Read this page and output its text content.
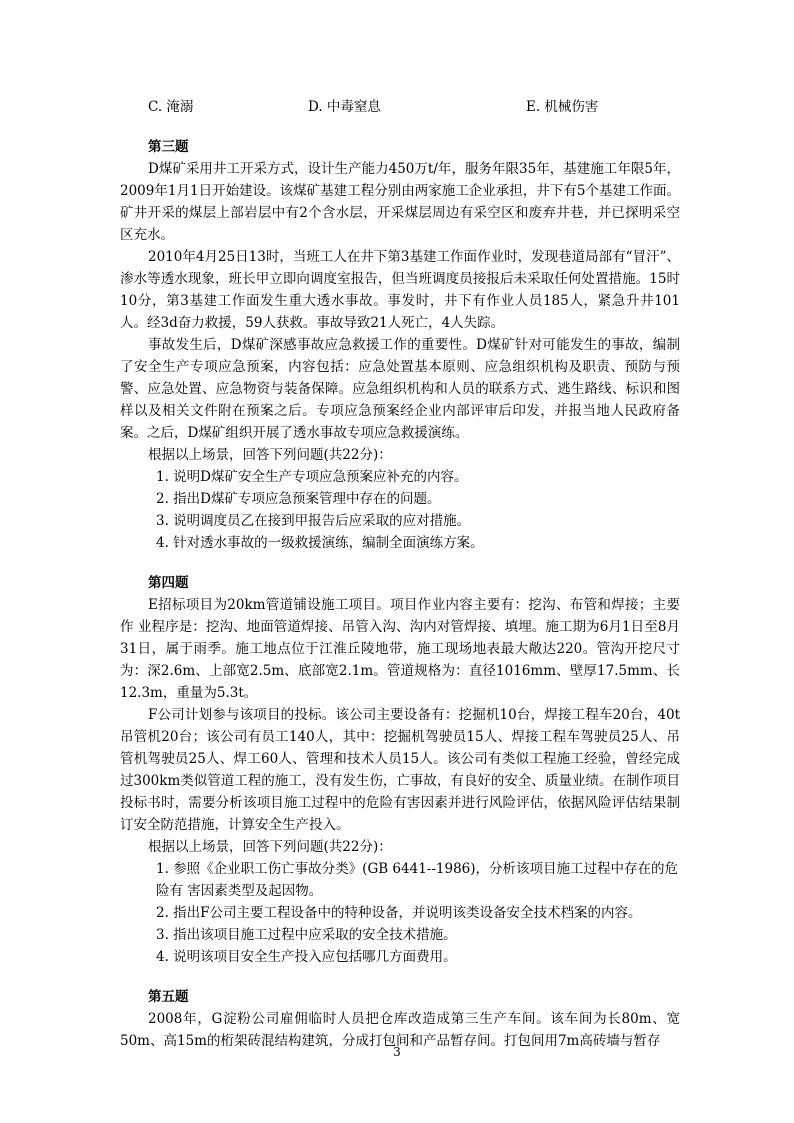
C. 淹溺	D. 中毒窒息	E. 机械伤害
第三题

D煤矿采用井工开采方式，设计生产能力450万t/年，服务年限35年，基建施工年限5年， 2009年1月1日开始建设。该煤矿基建工程分别由两家施工企业承担，井下有5个基建工作面。矿井开采的煤层上部岩层中有2个含水层，开采煤层周边有采空区和废弃井巷，并已探明采空区充水。

2010年4月25日13时，当班工人在井下第3基建工作面作业时，发现巷道局部有“冒汗”、渗水等透水现象，班长甲立即向调度室报告，但当班调度员接报后未采取任何处置措施。15时10分，第3基建工作面发生重大透水事故。事发时，井下有作业人员185人，紧急升井101人。经3d奋力救援，59人获救。事故导致21人死亡，4人失踪。

事故发生后，D煤矿深感事故应急救援工作的重要性。D煤矿针对可能发生的事故，编制了安全生产专项应急预案，内容包括：应急处置基本原则、应急组织机构及职责、预防与预警、应急处置、应急物资与装备保障。应急组织机构和人员的联系方式、逃生路线、标识和图样以及相关文件附在预案之后。专项应急预案经企业内部评审后印发，并报当地人民政府备案。之后，D煤矿组织开展了透水事故专项应急救援演练。

根据以上场景，回答下列问题(共22分)：

1. 说明D煤矿安全生产专项应急预案应补充的内容。

2. 指出D煤矿专项应急预案管理中存在的问题。

3. 说明调度员乙在接到甲报告后应采取的应对措施。

4. 针对透水事故的一级救援演练，编制全面演练方案。

第四题

E招标项目为20km管道铺设施工项目。项目作业内容主要有：挖沟、布管和焊接；主要作 业程序是：挖沟、地面管道焊接、吊管入沟、沟内对管焊接、填埋。施工期为6月1日至8月31日，属于雨季。施工地点位于江淮丘陵地带，施工现场地表最大敞达220。管沟开挖尺寸为：深2.6m、上部宽2.5m、底部宽2.1m。管道规格为：直径1016mm、壁厚17.5mm、长12.3m，重量为5.3t。

F公司计划参与该项目的投标。该公司主要设备有：挖掘机10台，焊接工程车20台，40t吊管机20台；该公司有员工140人，其中：挖掘机驾驶员15人、焊接工程车驾驶员25人、吊管机驾驶员25人、焊工60人、管理和技术人员15人。该公司有类似工程施工经验，曾经完成过300km类似管道工程的施工，没有发生伤，亡事故，有良好的安全、质量业绩。在制作项目投标书时，需要分析该项目施工过程中的危险有害因素并进行风险评估，依据风险评估结果制订安全防范措施，计算安全生产投入。

根据以上场景，回答下列问题(共22分)：

1. 参照《企业职工伤亡事故分类》(GB 6441--1986)，分析该项目施工过程中存在的危险有 害因素类型及起因物。

2. 指出F公司主要工程设备中的特种设备，并说明该类设备安全技术档案的内容。

3. 指出该项目施工过程中应采取的安全技术措施。

4. 说明该项目安全生产投入应包括哪几方面费用。

第五题

2008年，G淀粉公司雇佣临时人员把仓库改造成第三生产车间。该车间为长80m、宽50m、高15m的桁架砖混结构建筑，分成打包间和产品暂存间。打包间用7m高砖墙与暂存

3
